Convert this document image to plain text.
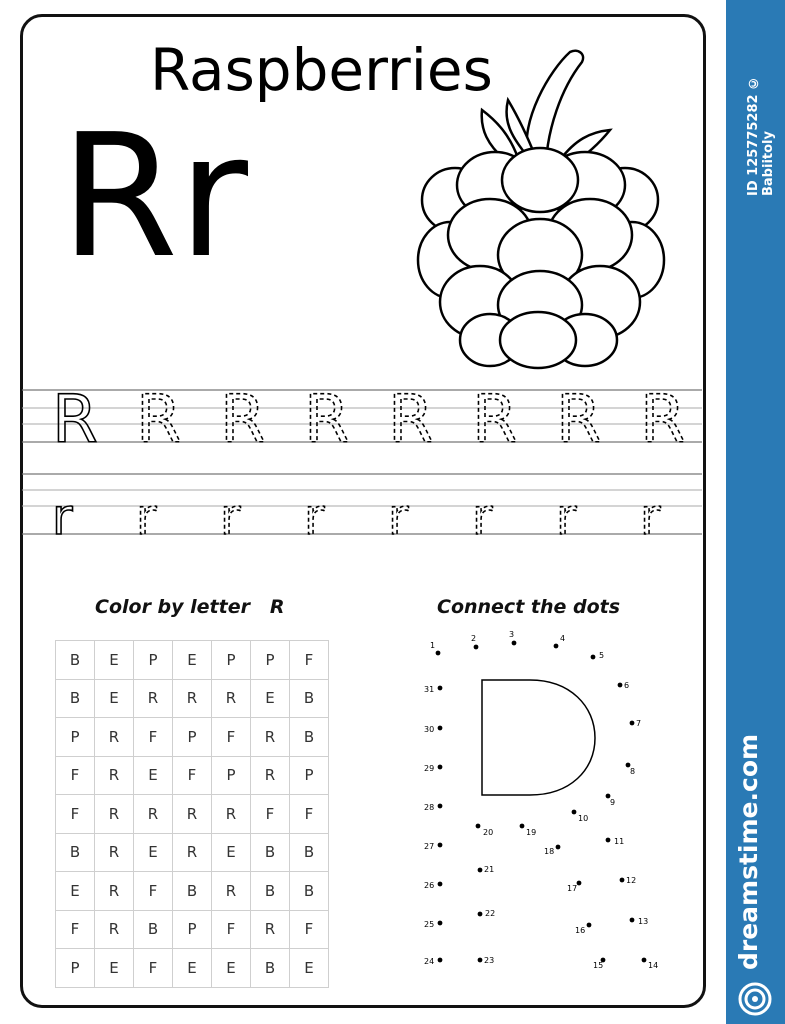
Raspberries
Rr
R R R R R R R R
r r r r r r r r
Color by letter R	Connect the dots
B	E	P	E	P	P	F
B	E	R	R	R	E	B
P	R	F	P	F	R	B
F	R	E	F	P	R	P
F	R	R	R	R	F	F
B	R	E	R	E	B	B
E	R	F	B	R	B	B
F	R	B	P	F	R	F
P	E	F	E	E	B	E
1
2	3	4
5
6
7
8
9
10
11
12
13
14
15
16
17
18
19
20
21
22
23
24
25
26
27
28
29
30
31
ID 125775282 © Babiitoly
dreamstime.com
